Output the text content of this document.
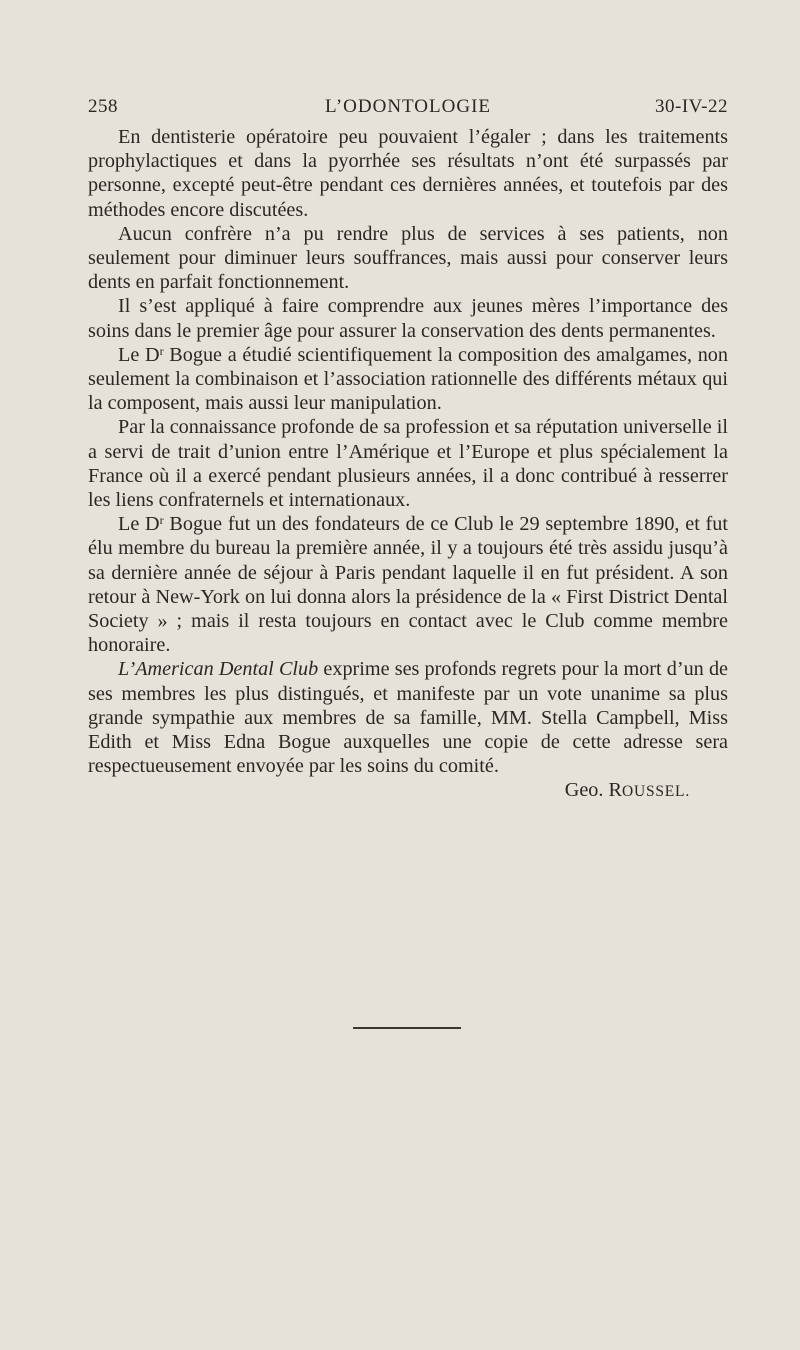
258	L’ODONTOLOGIE	30-IV-22

En dentisterie opératoire peu pouvaient l’égaler ; dans les traitements prophylactiques et dans la pyorrhée ses résultats n’ont été surpassés par personne, excepté peut-être pendant ces dernières années, et toutefois par des méthodes encore discutées.

Aucun confrère n’a pu rendre plus de services à ses patients, non seulement pour diminuer leurs souffrances, mais aussi pour conserver leurs dents en parfait fonctionnement.

Il s’est appliqué à faire comprendre aux jeunes mères l’importance des soins dans le premier âge pour assurer la conservation des dents permanentes.

Le $D^r$ Bogue a étudié scientifiquement la composition des amalgames, non seulement la combinaison et l’association rationnelle des différents métaux qui la composent, mais aussi leur manipulation.

Par la connaissance profonde de sa profession et sa réputation universelle il a servi de trait d’union entre l’Amérique et l’Europe et plus spécialement la France où il a exercé pendant plusieurs années, il a donc contribué à resserrer les liens confraternels et internationaux.

Le $D^r$ Bogue fut un des fondateurs de ce Club le 29 septembre 1890, et fut élu membre du bureau la première année, il y a toujours été très assidu jusqu’à sa dernière année de séjour à Paris pendant laquelle il en fut président. A son retour à New-York on lui donna alors la présidence de la « First District Dental Society » ; mais il resta toujours en contact avec le Club comme membre honoraire.

L’American Dental Club exprime ses profonds regrets pour la mort d’un de ses membres les plus distingués, et manifeste par un vote unanime sa plus grande sympathie aux membres de sa famille, MM. Stella Campbell, Miss Edith et Miss Edna Bogue auxquelles une copie de cette adresse sera respectueusement envoyée par les soins du comité.

Geo. ROUSSEL.
